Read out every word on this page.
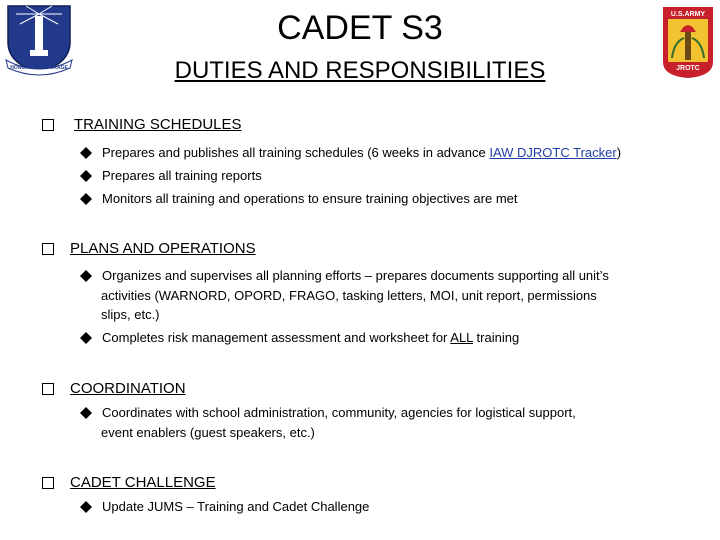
HONOR AND COURAGE
U.S.ARMY
JROTC
CADET S3
DUTIES AND RESPONSIBILITIES
TRAINING SCHEDULES
Prepares and publishes all training schedules (6 weeks in advance IAW DJROTC Tracker)
Prepares all training reports
Monitors all training and operations to ensure training objectives are met
PLANS AND OPERATIONS
Organizes and supervises all planning efforts – prepares documents supporting all unit’s
activities (WARNORD, OPORD, FRAGO, tasking letters, MOI, unit report, permissions
slips, etc.)
Completes risk management assessment and worksheet for ALL training
COORDINATION
Coordinates with school administration, community, agencies for logistical support,
event enablers (guest speakers, etc.)
CADET CHALLENGE
Update JUMS – Training and Cadet Challenge
